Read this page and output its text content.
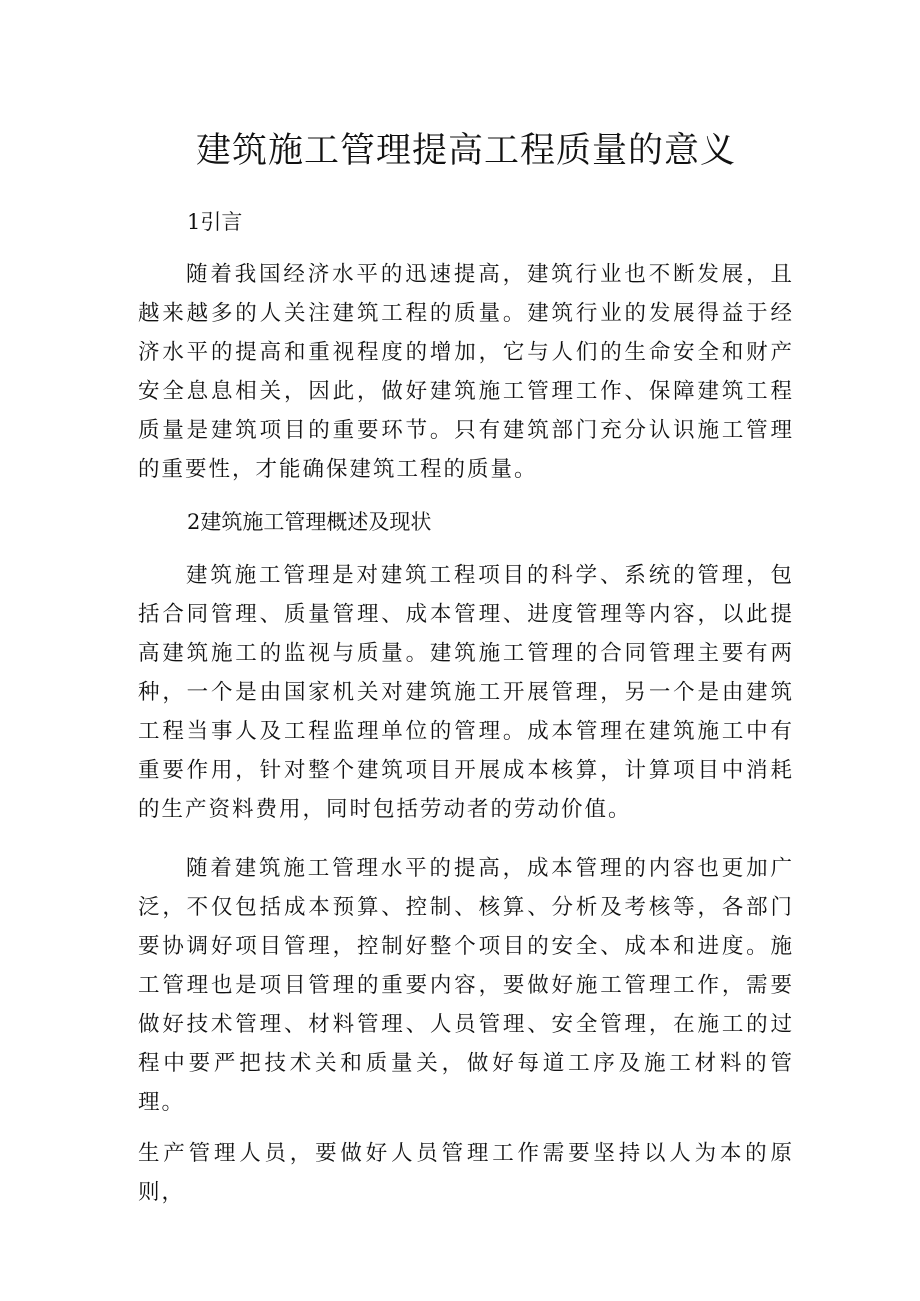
建筑施工管理提高工程质量的意义

1引言

随着我国经济水平的迅速提高，建筑行业也不断发展，且越来越多的人关注建筑工程的质量。建筑行业的发展得益于经济水平的提高和重视程度的增加，它与人们的生命安全和财产安全息息相关，因此，做好建筑施工管理工作、保障建筑工程质量是建筑项目的重要环节。只有建筑部门充分认识施工管理的重要性，才能确保建筑工程的质量。

2建筑施工管理概述及现状

建筑施工管理是对建筑工程项目的科学、系统的管理，包括合同管理、质量管理、成本管理、进度管理等内容，以此提高建筑施工的监视与质量。建筑施工管理的合同管理主要有两种，一个是由国家机关对建筑施工开展管理，另一个是由建筑工程当事人及工程监理单位的管理。成本管理在建筑施工中有重要作用，针对整个建筑项目开展成本核算，计算项目中消耗的生产资料费用，同时包括劳动者的劳动价值。

随着建筑施工管理水平的提高，成本管理的内容也更加广泛，不仅包括成本预算、控制、核算、分析及考核等，各部门要协调好项目管理，控制好整个项目的安全、成本和进度。施工管理也是项目管理的重要内容，要做好施工管理工作，需要做好技术管理、材料管理、人员管理、安全管理，在施工的过程中要严把技术关和质量关，做好每道工序及施工材料的管理。

生产管理人员，要做好人员管理工作需要坚持以人为本的原则，
